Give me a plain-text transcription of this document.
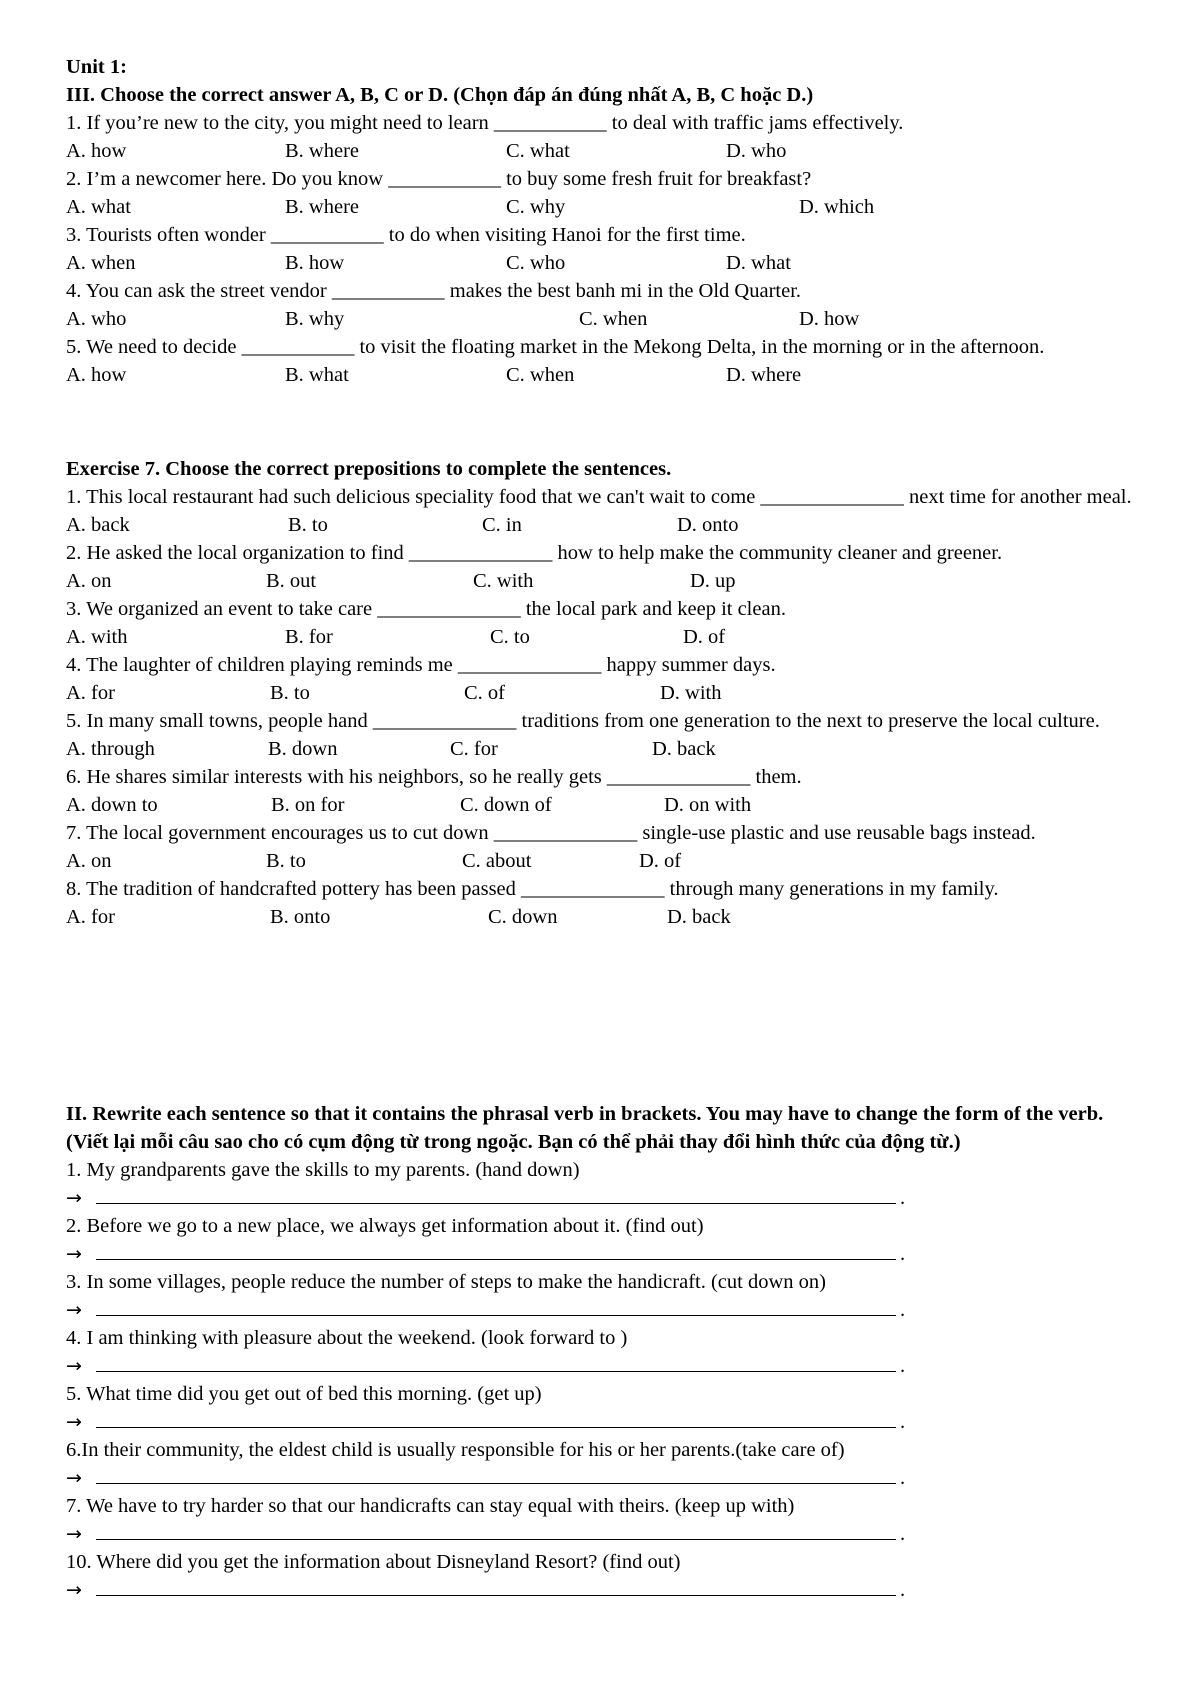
Unit 1:
III. Choose the correct answer A, B, C or D. (Chọn đáp án đúng nhất A, B, C hoặc D.)
1. If you’re new to the city, you might need to learn ___________ to deal with traffic jams effectively.
A. how	B. where	C. what	D. who
2. I’m a newcomer here. Do you know ___________ to buy some fresh fruit for breakfast?
A. what	B. where	C. why	D. which
3. Tourists often wonder ___________ to do when visiting Hanoi for the first time.
A. when	B. how	C. who	D. what
4. You can ask the street vendor ___________ makes the best banh mi in the Old Quarter.
A. who	B. why	C. when	D. how
5. We need to decide ___________ to visit the floating market in the Mekong Delta, in the morning or in the afternoon.
A. how	B. what	C. when	D. where
Exercise 7. Choose the correct prepositions to complete the sentences.
1. This local restaurant had such delicious speciality food that we can't wait to come ______________ next time for another meal.
A. back	B. to	C. in	D. onto
2. He asked the local organization to find ______________ how to help make the community cleaner and greener.
A. on	B. out	C. with	D. up
3. We organized an event to take care ______________ the local park and keep it clean.
A. with	B. for	C. to	D. of
4. The laughter of children playing reminds me ______________ happy summer days.
A. for	B. to	C. of	D. with
5. In many small towns, people hand ______________ traditions from one generation to the next to preserve the local culture.
A. through	B. down	C. for	D. back
6. He shares similar interests with his neighbors, so he really gets ______________ them.
A. down to	B. on for	C. down of	D. on with
7. The local government encourages us to cut down ______________ single-use plastic and use reusable bags instead.
A. on	B. to	C. about	D. of
8. The tradition of handcrafted pottery has been passed ______________ through many generations in my family.
A. for	B. onto	C. down	D. back
II. Rewrite each sentence so that it contains the phrasal verb in brackets. You may have to change the form of the verb. (Viết lại mỗi câu sao cho có cụm động từ trong ngoặc. Bạn có thể phải thay đổi hình thức của động từ.)
1. My grandparents gave the skills to my parents. (hand down)
→	.
2. Before we go to a new place, we always get information about it. (find out)
→	.
3. In some villages, people reduce the number of steps to make the handicraft. (cut down on)
→	.
4. I am thinking with pleasure about the weekend. (look forward to )
→	.
5. What time did you get out of bed this morning. (get up)
→	.
6.In their community, the eldest child is usually responsible for his or her parents.(take care of)
→	.
7. We have to try harder so that our handicrafts can stay equal with theirs. (keep up with)
→	.
10. Where did you get the information about Disneyland Resort? (find out)
→	.
